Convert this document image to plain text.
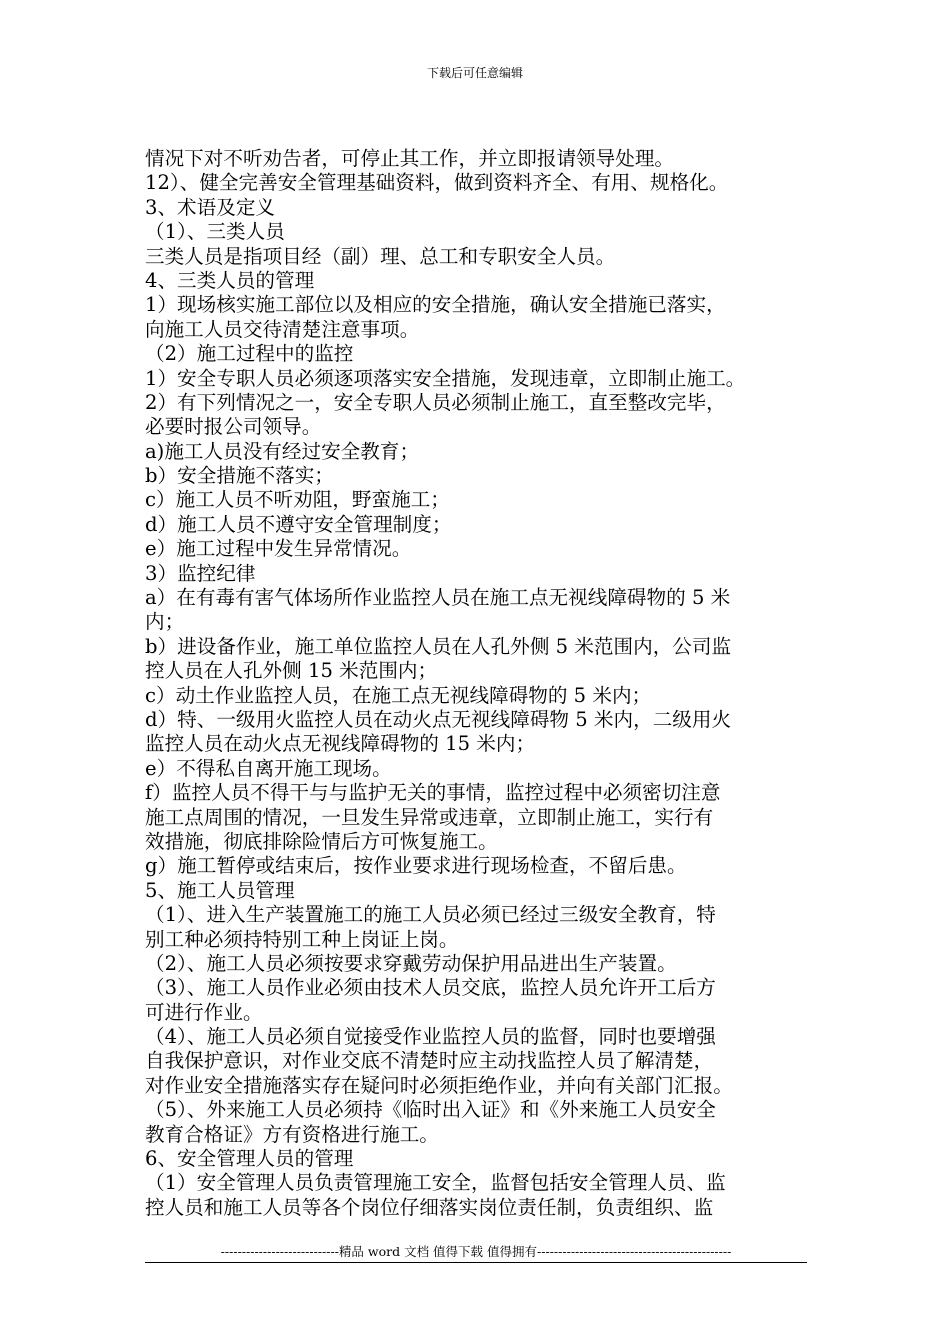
下载后可任意编辑
情况下对不听劝告者，可停止其工作，并立即报请领导处理。
12）、健全完善安全管理基础资料，做到资料齐全、有用、规格化。
3、术语及定义
（1）、三类人员
三类人员是指项目经（副）理、总工和专职安全人员。
4、三类人员的管理
1）现场核实施工部位以及相应的安全措施，确认安全措施已落实，
向施工人员交待清楚注意事项。
（2）施工过程中的监控
1）安全专职人员必须逐项落实安全措施，发现违章，立即制止施工。
2）有下列情况之一，安全专职人员必须制止施工，直至整改完毕，
必要时报公司领导。
a)施工人员没有经过安全教育；
b）安全措施不落实；
c）施工人员不听劝阻，野蛮施工；
d）施工人员不遵守安全管理制度；
e）施工过程中发生异常情况。
3）监控纪律
a）在有毒有害气体场所作业监控人员在施工点无视线障碍物的 5 米
内；
b）进设备作业，施工单位监控人员在人孔外侧 5 米范围内，公司监
控人员在人孔外侧 15 米范围内；
c）动土作业监控人员，在施工点无视线障碍物的 5 米内；
d）特、一级用火监控人员在动火点无视线障碍物 5 米内，二级用火
监控人员在动火点无视线障碍物的 15 米内；
e）不得私自离开施工现场。
f）监控人员不得干与与监护无关的事情，监控过程中必须密切注意
施工点周围的情况，一旦发生异常或违章，立即制止施工，实行有
效措施，彻底排除险情后方可恢复施工。
g）施工暂停或结束后，按作业要求进行现场检查，不留后患。
5、施工人员管理
（1）、进入生产装置施工的施工人员必须已经过三级安全教育，特
别工种必须持特别工种上岗证上岗。
（2）、施工人员必须按要求穿戴劳动保护用品进出生产装置。
（3）、施工人员作业必须由技术人员交底，监控人员允许开工后方
可进行作业。
（4）、施工人员必须自觉接受作业监控人员的监督，同时也要增强
自我保护意识，对作业交底不清楚时应主动找监控人员了解清楚，
对作业安全措施落实存在疑问时必须拒绝作业，并向有关部门汇报。
（5）、外来施工人员必须持《临时出入证》和《外来施工人员安全
教育合格证》方有资格进行施工。
6、安全管理人员的管理
（1）安全管理人员负责管理施工安全，监督包括安全管理人员、监
控人员和施工人员等各个岗位仔细落实岗位责任制，负责组织、监
----------------------------精品 word 文档 值得下载 值得拥有----------------------------------------------
